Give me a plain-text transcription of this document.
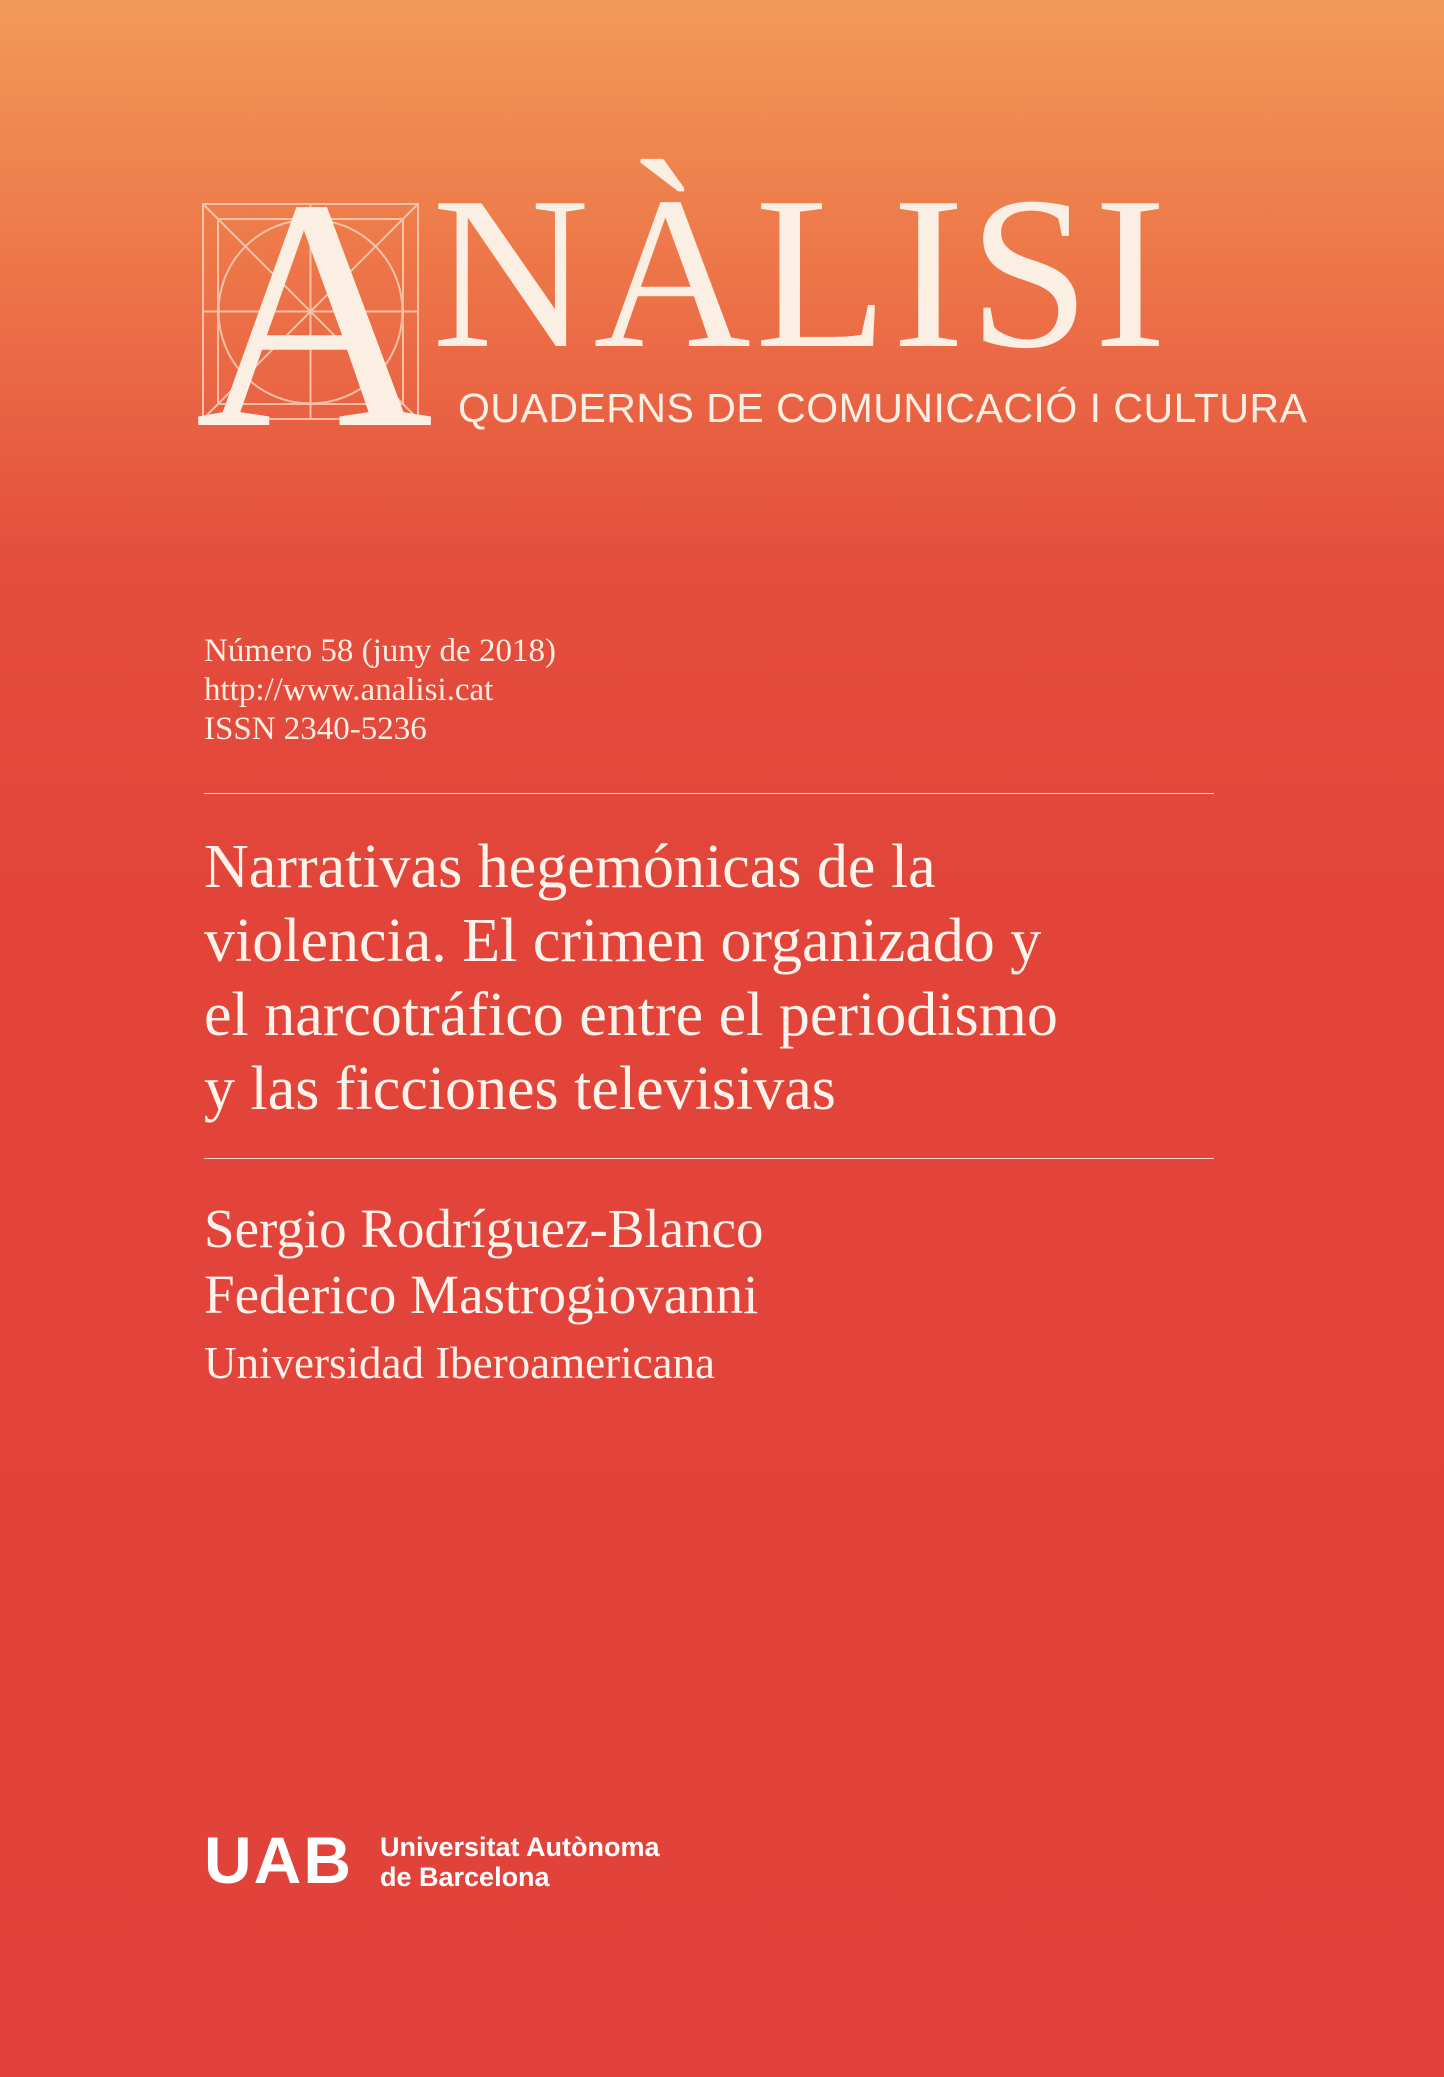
A
NÀLISI
QUADERNS DE COMUNICACIÓ I CULTURA
Número 58 (juny de 2018)
http://www.analisi.cat
ISSN 2340-5236
Narrativas hegemónicas de la
violencia. El crimen organizado y
el narcotráfico entre el periodismo
y las ficciones televisivas
Sergio Rodríguez-Blanco
Federico Mastrogiovanni
Universidad Iberoamericana
UAB Universitat Autònoma
de Barcelona
